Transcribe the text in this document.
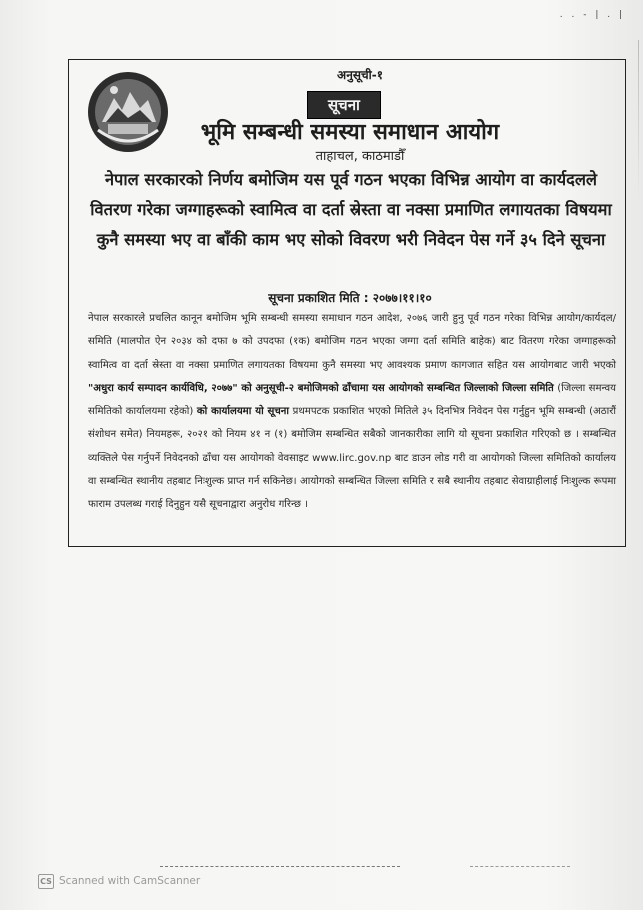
. . - | . |
अनुसूची-१
सूचना
भूमि सम्बन्धी समस्या समाधान आयोग
ताहाचल, काठमाडौँ
नेपाल सरकारको निर्णय बमोजिम यस पूर्व गठन भएका विभिन्न आयोग वा कार्यदलले वितरण गरेका जग्गाहरूको स्वामित्व वा दर्ता स्रेस्ता वा नक्सा प्रमाणित लगायतका विषयमा कुनै समस्या भए वा बाँकी काम भए सोको विवरण भरी निवेदन पेस गर्ने ३५ दिने सूचना
सूचना प्रकाशित मिति : २०७७।११।१०
नेपाल सरकारले प्रचलित कानून बमोजिम भूमि सम्बन्धी समस्या समाधान गठन आदेश, २०७६ जारी हुनु पूर्व गठन गरेका विभिन्न आयोग/कार्यदल/समिति (मालपोत ऐन २०३४ को दफा ७ को उपदफा (१क) बमोजिम गठन भएका जग्गा दर्ता समिति बाहेक) बाट वितरण गरेका जग्गाहरूको स्वामित्व वा दर्ता स्रेस्ता वा नक्सा प्रमाणित लगायतका विषयमा कुनै समस्या भए आवश्यक प्रमाण कागजात सहित यस आयोगबाट जारी भएको "अधुरा कार्य सम्पादन कार्यविधि, २०७७" को अनुसूची-२ बमोजिमको ढाँचामा यस आयोगको सम्बन्धित जिल्लाको जिल्ला समिति (जिल्ला समन्वय समितिको कार्यालयमा रहेको) को कार्यालयमा यो सूचना प्रथमपटक प्रकाशित भएको मितिले ३५ दिनभित्र निवेदन पेस गर्नुहुन भूमि सम्बन्धी (अठारौं संशोधन समेत) नियमहरू, २०२१ को नियम ४१ न (१) बमोजिम सम्बन्धित सबैको जानकारीका लागि यो सूचना प्रकाशित गरिएको छ । सम्बन्धित व्यक्तिले पेस गर्नुपर्ने निवेदनको ढाँचा यस आयोगको वेवसाइट www.lirc.gov.np बाट डाउन लोड गरी वा आयोगको जिल्ला समितिको कार्यालय वा सम्बन्धित स्थानीय तहबाट निःशुल्क प्राप्त गर्न सकिनेछ। आयोगको सम्बन्धित जिल्ला समिति र सबै स्थानीय तहबाट सेवाग्राहीलाई निःशुल्क रूपमा फाराम उपलब्ध गराई दिनुहुन यसै सूचनाद्वारा अनुरोध गरिन्छ ।
CS Scanned with CamScanner
